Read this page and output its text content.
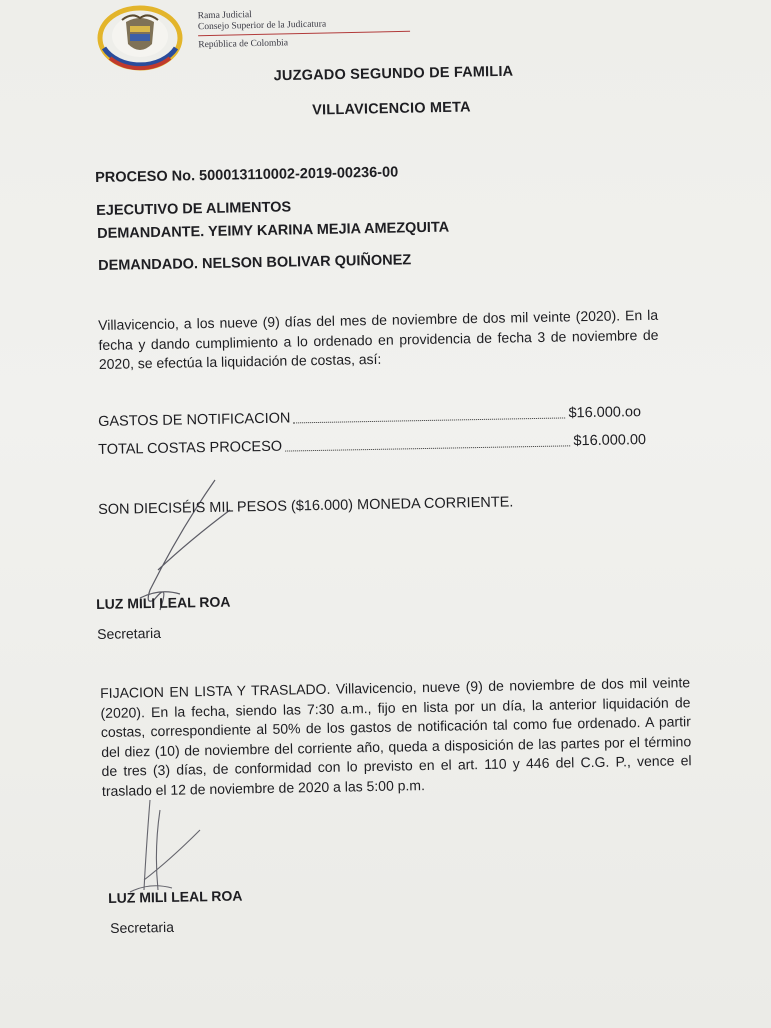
Rama Judicial
Consejo Superior de la Judicatura
República de Colombia
JUZGADO SEGUNDO DE FAMILIA
VILLAVICENCIO META
PROCESO No. 500013110002-2019-00236-00
EJECUTIVO DE ALIMENTOS
DEMANDANTE. YEIMY KARINA MEJIA AMEZQUITA
DEMANDADO. NELSON BOLIVAR QUIÑONEZ
Villavicencio, a los nueve (9) días del mes de noviembre de dos mil veinte (2020). En la fecha y dando cumplimiento a lo ordenado en providencia de fecha 3 de noviembre de 2020, se efectúa la liquidación de costas, así:
GASTOS DE NOTIFICACION	$16.000.oo
TOTAL COSTAS PROCESO	$16.000.00
SON DIECISÉIS MIL PESOS ($16.000) MONEDA CORRIENTE.
LUZ MILI LEAL ROA
Secretaria
FIJACION EN LISTA Y TRASLADO. Villavicencio, nueve (9) de noviembre de dos mil veinte (2020). En la fecha, siendo las 7:30 a.m., fijo en lista por un día, la anterior liquidación de costas, correspondiente al 50% de los gastos de notificación tal como fue ordenado. A partir del diez (10) de noviembre del corriente año, queda a disposición de las partes por el término de tres (3) días, de conformidad con lo previsto en el art. 110 y 446 del C.G. P., vence el traslado el 12 de noviembre de 2020 a las 5:00 p.m.
LUZ MILI LEAL ROA
Secretaria
